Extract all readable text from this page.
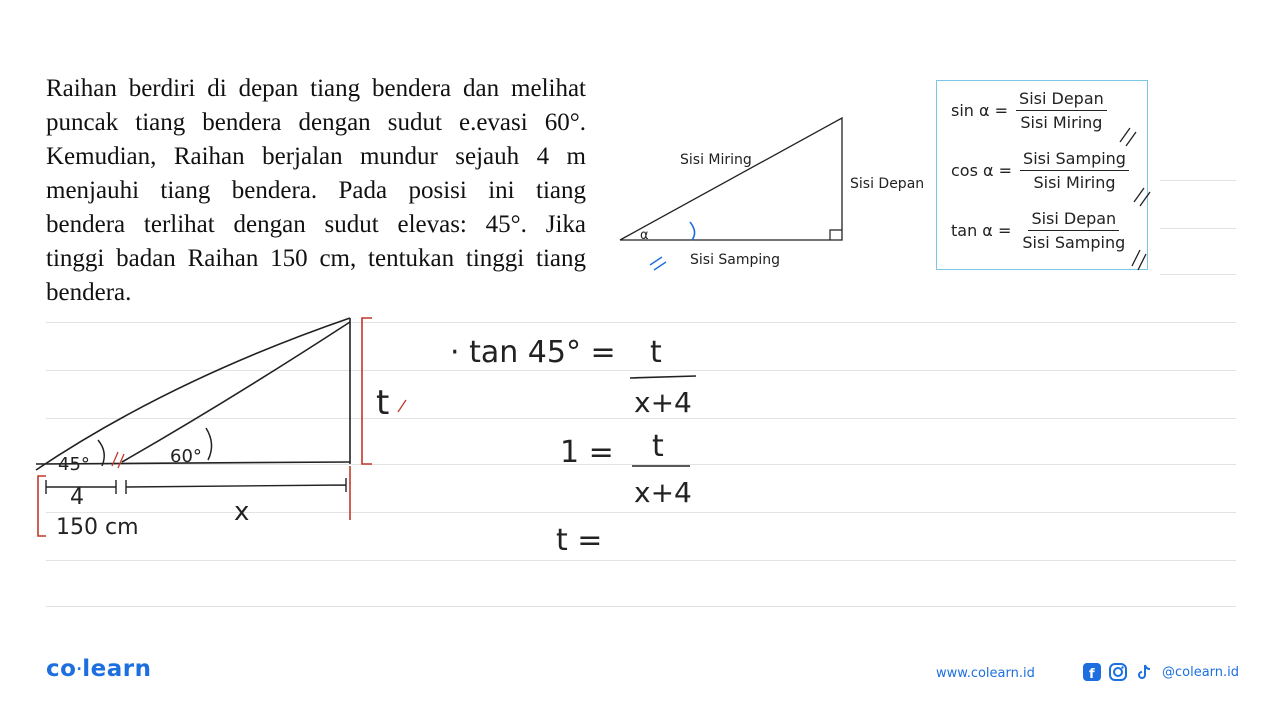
Raihan berdiri di depan tiang bendera dan melihat
puncak tiang bendera dengan sudut e.evasi 60°.
Kemudian, Raihan berjalan mundur sejauh 4 m
menjauhi tiang bendera. Pada posisi ini tiang
bendera terlihat dengan sudut elevas: 45°. Jika
tinggi badan Raihan 150 cm, tentukan tinggi tiang
bendera.
Sisi Miring
Sisi Depan
Sisi Samping
α
$\sin \alpha = \frac{\text{Sisi Depan}}{\text{Sisi Miring}}$
$\cos \alpha = \frac{\text{Sisi Samping}}{\text{Sisi Miring}}$
$\tan \alpha = \frac{\text{Sisi Depan}}{\text{Sisi Samping}}$
45°	60°
t
4	x
150 cm
· tan 45° = t
x+4
1 = t
x+4
t =
co·learn	www.colearn.id	f	@colearn.id
